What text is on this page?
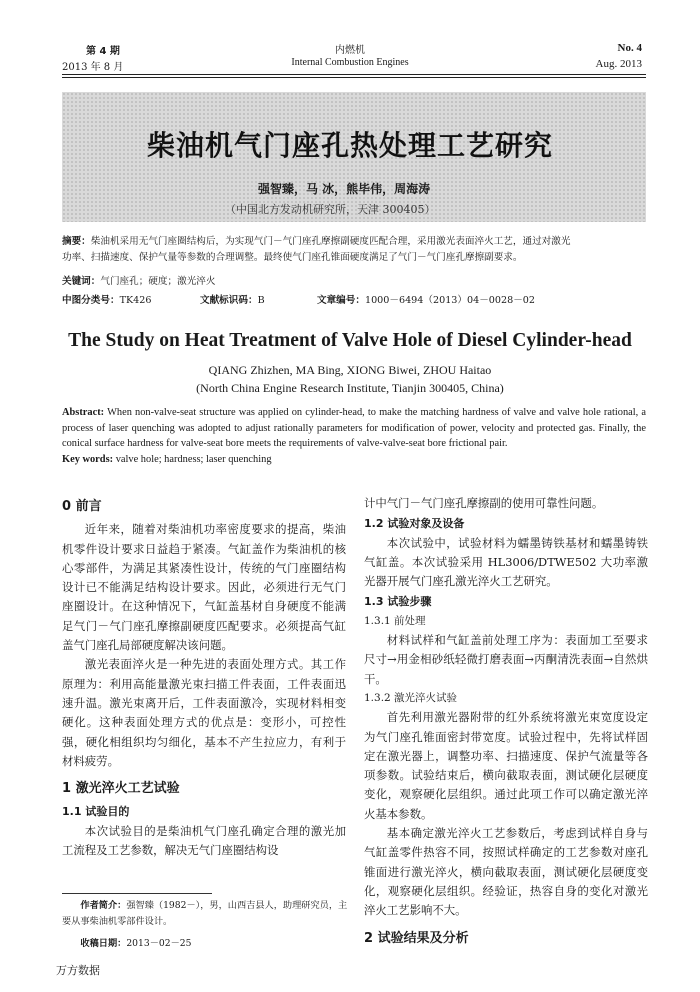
第 4 期
2013 年 8 月
内燃机
Internal Combustion Engines
No. 4
Aug. 2013
柴油机气门座孔热处理工艺研究
强智臻，马 冰，熊毕伟，周海涛
（中国北方发动机研究所，天津 300405）
摘要：柴油机采用无气门座圈结构后，为实现气门－气门座孔摩擦副硬度匹配合理，采用激光表面淬火工艺，通过对激光
功率、扫描速度、保护气量等参数的合理调整。最终使气门座孔锥面硬度满足了气门－气门座孔摩擦副要求。
关键词：气门座孔；硬度；激光淬火
中图分类号：TK426	文献标识码：B	文章编号：1000－6494（2013）04－0028－02
The Study on Heat Treatment of Valve Hole of Diesel Cylinder-head
QIANG Zhizhen, MA Bing, XIONG Biwei, ZHOU Haitao
(North China Engine Research Institute, Tianjin 300405, China)
Abstract: When non-valve-seat structure was applied on cylinder-head, to make the matching hardness of valve and valve hole rational, a process of laser quenching was adopted to adjust rationally parameters for modification of power, velocity and protected gas. Finally, the conical surface hardness for valve-seat bore meets the requirements of valve-valve-seat bore frictional pair.
Key words: valve hole; hardness; laser quenching
0 前言

近年来，随着对柴油机功率密度要求的提高，柴油机零件设计要求日益趋于紧凑。气缸盖作为柴油机的核心零部件，为满足其紧凑性设计，传统的气门座圈结构设计已不能满足结构设计要求。因此，必须进行无气门座圈设计。在这种情况下，气缸盖基材自身硬度不能满足气门－气门座孔摩擦副硬度匹配要求。必须提高气缸盖气门座孔局部硬度解决该问题。

激光表面淬火是一种先进的表面处理方式。其工作原理为：利用高能量激光束扫描工件表面，工件表面迅速升温。激光束离开后，工件表面激冷，实现材料相变硬化。这种表面处理方式的优点是：变形小，可控性强，硬化相组织均匀细化，基本不产生拉应力，有利于材料疲劳。

1 激光淬火工艺试验
1.1 试验目的

本次试验目的是柴油机气门座孔确定合理的激光加工流程及工艺参数，解决无气门座圈结构设

计中气门－气门座孔摩擦副的使用可靠性问题。

1.2 试验对象及设备

本次试验中，试验材料为蠕墨铸铁基材和蠕墨铸铁气缸盖。本次试验采用 HL3006/DTWE502 大功率激光器开展气门座孔激光淬火工艺研究。

1.3 试验步骤
1.3.1 前处理

材料试样和气缸盖前处理工序为：表面加工至要求尺寸→用金相砂纸轻微打磨表面→丙酮清洗表面→自然烘干。

1.3.2 激光淬火试验

首先利用激光器附带的红外系统将激光束宽度设定为气门座孔锥面密封带宽度。试验过程中，先将试样固定在激光器上，调整功率、扫描速度、保护气流量等各项参数。试验结束后，横向截取表面，测试硬化层硬度变化，观察硬化层组织。通过此项工作可以确定激光淬火基本参数。

基本确定激光淬火工艺参数后，考虑到试样自身与气缸盖零件热容不同，按照试样确定的工艺参数对座孔锥面进行激光淬火，横向截取表面，测试硬化层硬度变化，观察硬化层组织。经验证，热容自身的变化对激光淬火工艺影响不大。

2 试验结果及分析
作者简介：强智臻（1982－），男，山西吉县人，助理研究员，主要从事柴油机零部件设计。
收稿日期：2013－02－25
万方数据
